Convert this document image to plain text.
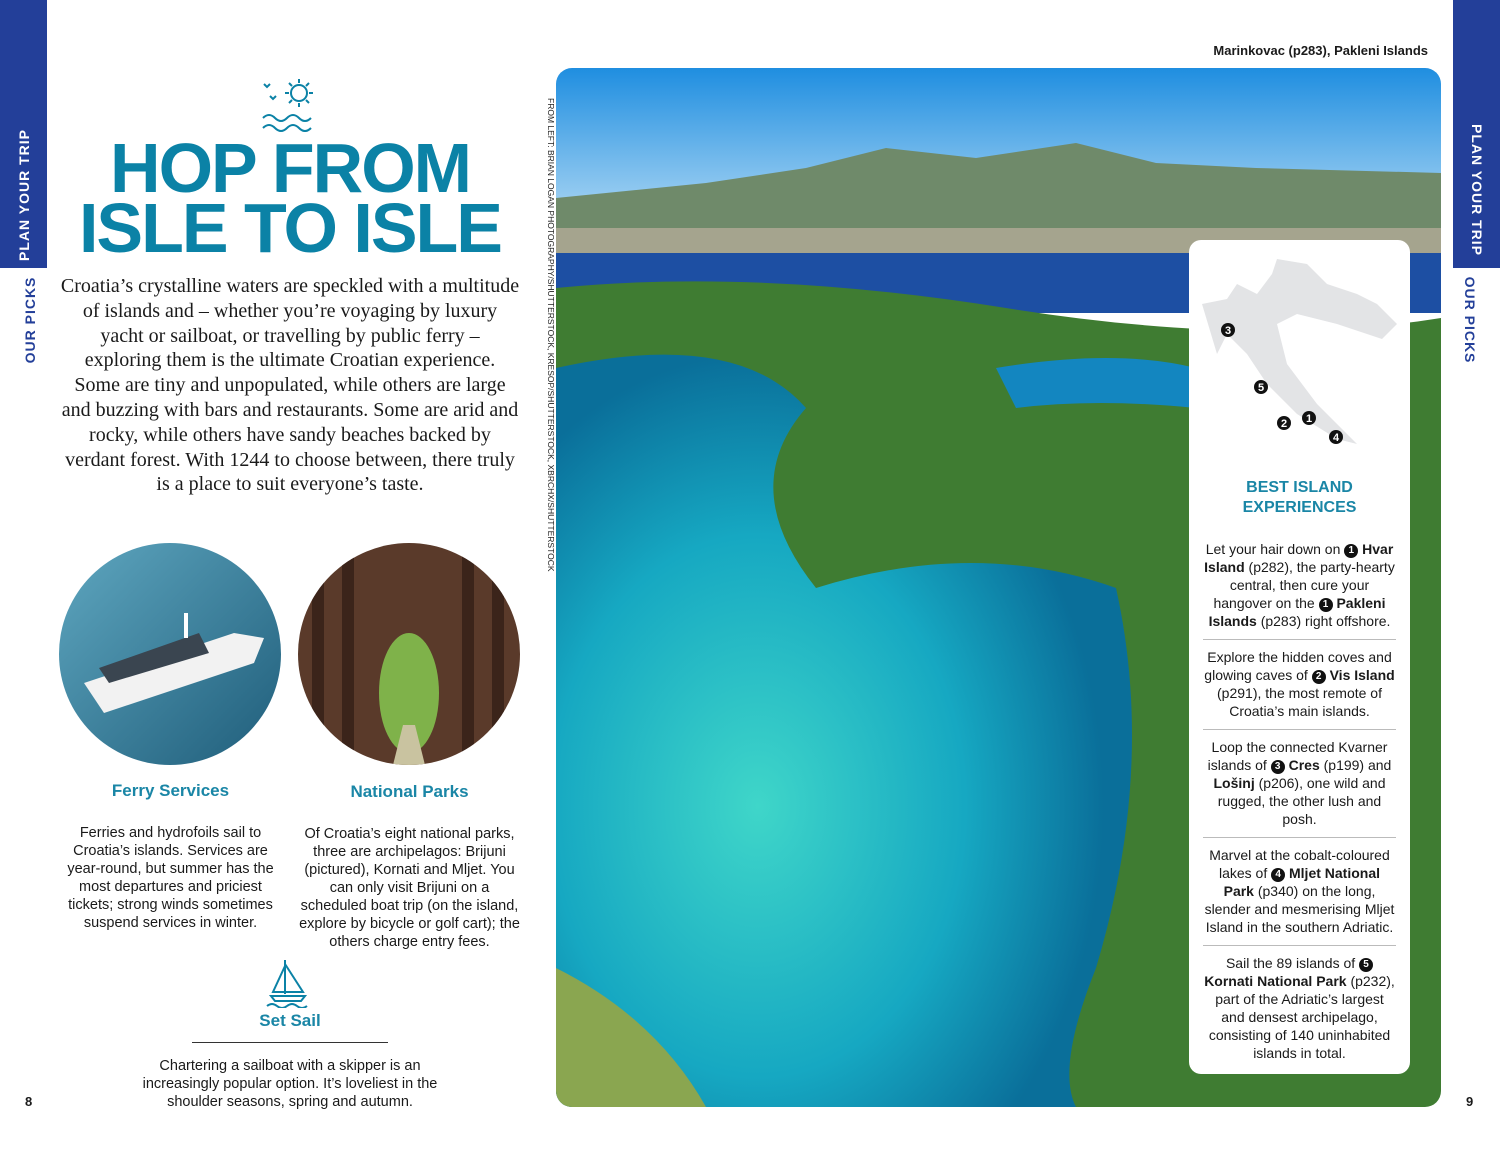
PLAN YOUR TRIP
OUR PICKS
PLAN YOUR TRIP
OUR PICKS
8	9
HOP FROM
ISLE TO ISLE

Croatia’s crystalline waters are speckled with a multitude of islands and – whether you’re voyaging by luxury yacht or sailboat, or travelling by public ferry – exploring them is the ultimate Croatian experience. Some are tiny and unpopulated, while others are large and buzzing with bars and restaurants. Some are arid and rocky, while others have sandy beaches backed by verdant forest. With 1244 to choose between, there truly is a place to suit everyone’s taste.

Ferry Services

Ferries and hydrofoils sail to Croatia’s islands. Services are year-round, but summer has the most departures and priciest tickets; strong winds sometimes suspend services in winter.

National Parks

Of Croatia’s eight national parks, three are archipelagos: Brijuni (pictured), Kornati and Mljet. You can only visit Brijuni on a scheduled boat trip (on the island, explore by bicycle or golf cart); the others charge entry fees.

Set Sail

Chartering a sailboat with a skipper is an increasingly popular option. It’s loveliest in the shoulder seasons, spring and autumn.

FROM LEFT: BRIAN LOGAN PHOTOGRAPHY/SHUTTERSTOCK, KRESOP/SHUTTERSTOCK, XBRCHX/SHUTTERSTOCK
Marinkovac (p283), Pakleni Islands
3
5
1
2
4
BEST ISLAND
EXPERIENCES
Let your hair down on 1 Hvar Island (p282), the party-hearty central, then cure your hangover on the 1 Pakleni Islands (p283) right offshore.
Explore the hidden coves and glowing caves of 2 Vis Island (p291), the most remote of Croatia’s main islands.
Loop the connected Kvarner islands of 3 Cres (p199) and Lošinj (p206), one wild and rugged, the other lush and posh.
Marvel at the cobalt-coloured lakes of 4 Mljet National Park (p340) on the long, slender and mesmerising Mljet Island in the southern Adriatic.
Sail the 89 islands of 5 Kornati National Park (p232), part of the Adriatic’s largest and densest archipelago, consisting of 140 uninhabited islands in total.
